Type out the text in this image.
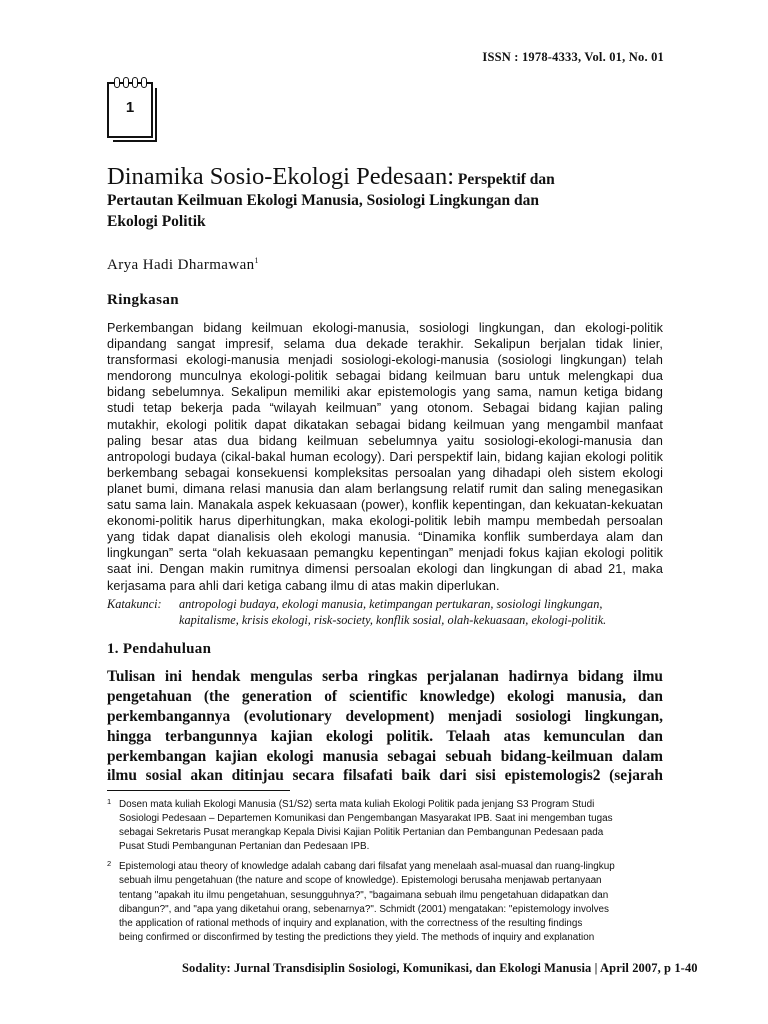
ISSN : 1978-4333, Vol. 01, No. 01
1
Dinamika Sosio-Ekologi Pedesaan: Perspektif dan
Pertautan Keilmuan Ekologi Manusia, Sosiologi Lingkungan dan
Ekologi Politik
Arya Hadi Dharmawan$^1$
Ringkasan
Perkembangan bidang keilmuan ekologi-manusia, sosiologi lingkungan, dan ekologi-politik
dipandang sangat impresif, selama dua dekade terakhir. Sekalipun berjalan tidak linier,
transformasi ekologi-manusia menjadi sosiologi-ekologi-manusia (sosiologi lingkungan) telah
mendorong munculnya ekologi-politik sebagai bidang keilmuan baru untuk melengkapi dua
bidang sebelumnya. Sekalipun memiliki akar epistemologis yang sama, namun ketiga bidang
studi tetap bekerja pada “wilayah keilmuan” yang otonom. Sebagai bidang kajian paling
mutakhir, ekologi politik dapat dikatakan sebagai bidang keilmuan yang mengambil manfaat
paling besar atas dua bidang keilmuan sebelumnya yaitu sosiologi-ekologi-manusia dan
antropologi budaya (cikal-bakal human ecology). Dari perspektif lain, bidang kajian ekologi politik
berkembang sebagai konsekuensi kompleksitas persoalan yang dihadapi oleh sistem ekologi
planet bumi, dimana relasi manusia dan alam berlangsung relatif rumit dan saling menegasikan
satu sama lain. Manakala aspek kekuasaan (power), konflik kepentingan, dan kekuatan-kekuatan
ekonomi-politik harus diperhitungkan, maka ekologi-politik lebih mampu membedah persoalan
yang tidak dapat dianalisis oleh ekologi manusia. “Dinamika konflik sumberdaya alam dan
lingkungan” serta “olah kekuasaan pemangku kepentingan” menjadi fokus kajian ekologi politik
saat ini. Dengan makin rumitnya dimensi persoalan ekologi dan lingkungan di abad 21, maka
kerjasama para ahli dari ketiga cabang ilmu di atas makin diperlukan.
Katakunci: antropologi budaya, ekologi manusia, ketimpangan pertukaran, sosiologi lingkungan,
kapitalisme, krisis ekologi, risk-society, konflik sosial, olah-kekuasaan, ekologi-politik.
1. Pendahuluan
Tulisan ini hendak mengulas serba ringkas perjalanan hadirnya bidang ilmu
pengetahuan (the generation of scientific knowledge) ekologi manusia, dan
perkembangannya (evolutionary development) menjadi sosiologi lingkungan,
hingga terbangunnya kajian ekologi politik. Telaah atas kemunculan dan
perkembangan kajian ekologi manusia sebagai sebuah bidang-keilmuan dalam
ilmu sosial akan ditinjau secara filsafati baik dari sisi epistemologis2 (sejarah
1 Dosen mata kuliah Ekologi Manusia (S1/S2) serta mata kuliah Ekologi Politik pada jenjang S3 Program Studi
Sosiologi Pedesaan – Departemen Komunikasi dan Pengembangan Masyarakat IPB. Saat ini mengemban tugas
sebagai Sekretaris Pusat merangkap Kepala Divisi Kajian Politik Pertanian dan Pembangunan Pedesaan pada
Pusat Studi Pembangunan Pertanian dan Pedesaan IPB.
2 Epistemologi atau theory of knowledge adalah cabang dari filsafat yang menelaah asal-muasal dan ruang-lingkup
sebuah ilmu pengetahuan (the nature and scope of knowledge). Epistemologi berusaha menjawab pertanyaan
tentang "apakah itu ilmu pengetahuan, sesungguhnya?", "bagaimana sebuah ilmu pengetahuan didapatkan dan
dibangun?", and "apa yang diketahui orang, sebenarnya?". Schmidt (2001) mengatakan: "epistemology involves
the application of rational methods of inquiry and explanation, with the correctness of the resulting findings
being confirmed or disconfirmed by testing the predictions they yield. The methods of inquiry and explanation
Sodality: Jurnal Transdisiplin Sosiologi, Komunikasi, dan Ekologi Manusia | April 2007, p 1-40
